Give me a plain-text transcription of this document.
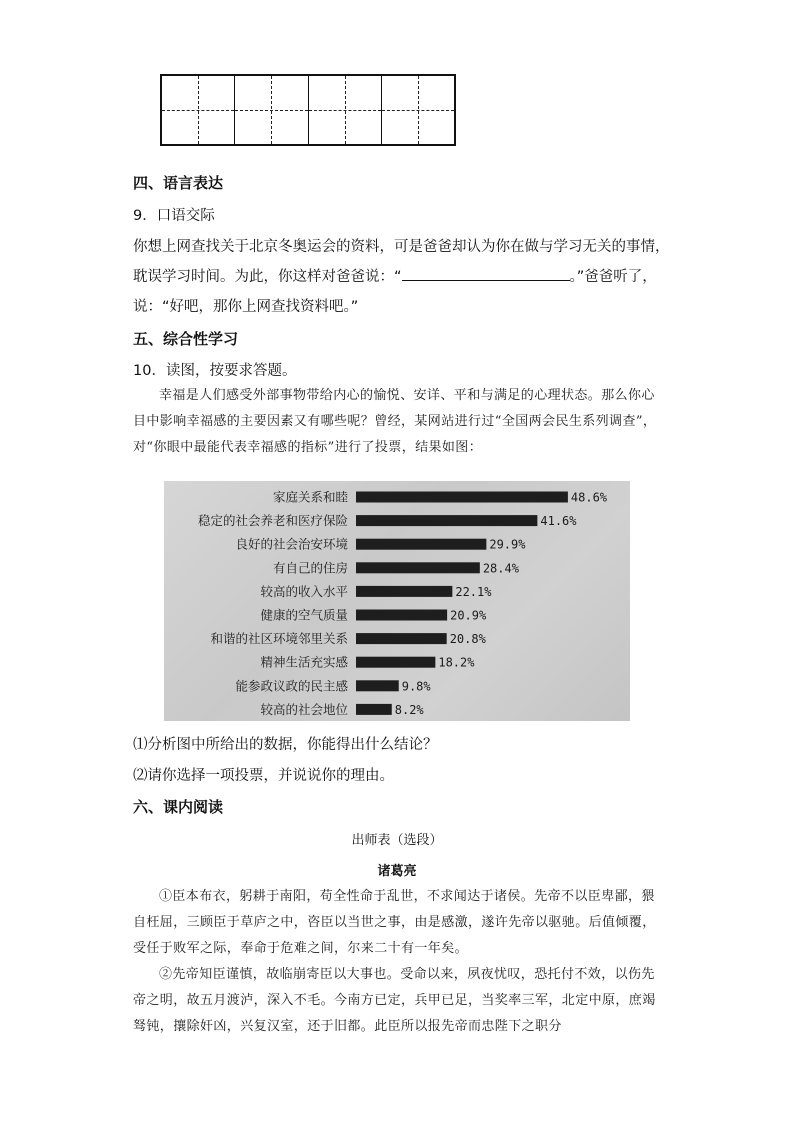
四、语言表达
9．口语交际
你想上网查找关于北京冬奥运会的资料，可是爸爸却认为你在做与学习无关的事情，
耽误学习时间。为此，你这样对爸爸说：“	。”爸爸听了，
说：“好吧，那你上网查找资料吧。”
五、综合性学习
10．读图，按要求答题。

幸福是人们感受外部事物带给内心的愉悦、安详、平和与满足的心理状态。那么你心目中影响幸福感的主要因素又有哪些呢？曾经，某网站进行过“全国两会民生系列调查”，对“你眼中最能代表幸福感的指标”进行了投票，结果如图：

家庭关系和睦	48.6%
稳定的社会养老和医疗保险	41.6%
良好的社会治安环境	29.9%
有自己的住房	28.4%
较高的收入水平	22.1%
健康的空气质量	20.9%
和谐的社区环境邻里关系	20.8%
精神生活充实感	18.2%
能参政议政的民主感	9.8%
较高的社会地位	8.2%
⑴分析图中所给出的数据，你能得出什么结论？
⑵请你选择一项投票，并说说你的理由。
六、课内阅读
出师表（选段）
诸葛亮

①臣本布衣，躬耕于南阳，苟全性命于乱世，不求闻达于诸侯。先帝不以臣卑鄙，猥自枉屈，三顾臣于草庐之中，咨臣以当世之事，由是感激，遂许先帝以驱驰。后值倾覆，受任于败军之际，奉命于危难之间，尔来二十有一年矣。

②先帝知臣谨慎，故临崩寄臣以大事也。受命以来，夙夜忧叹，恐托付不效，以伤先帝之明，故五月渡泸，深入不毛。今南方已定，兵甲已足，当奖率三军，北定中原，庶竭驽钝，攘除奸凶，兴复汉室，还于旧都。此臣所以报先帝而忠陛下之职分
